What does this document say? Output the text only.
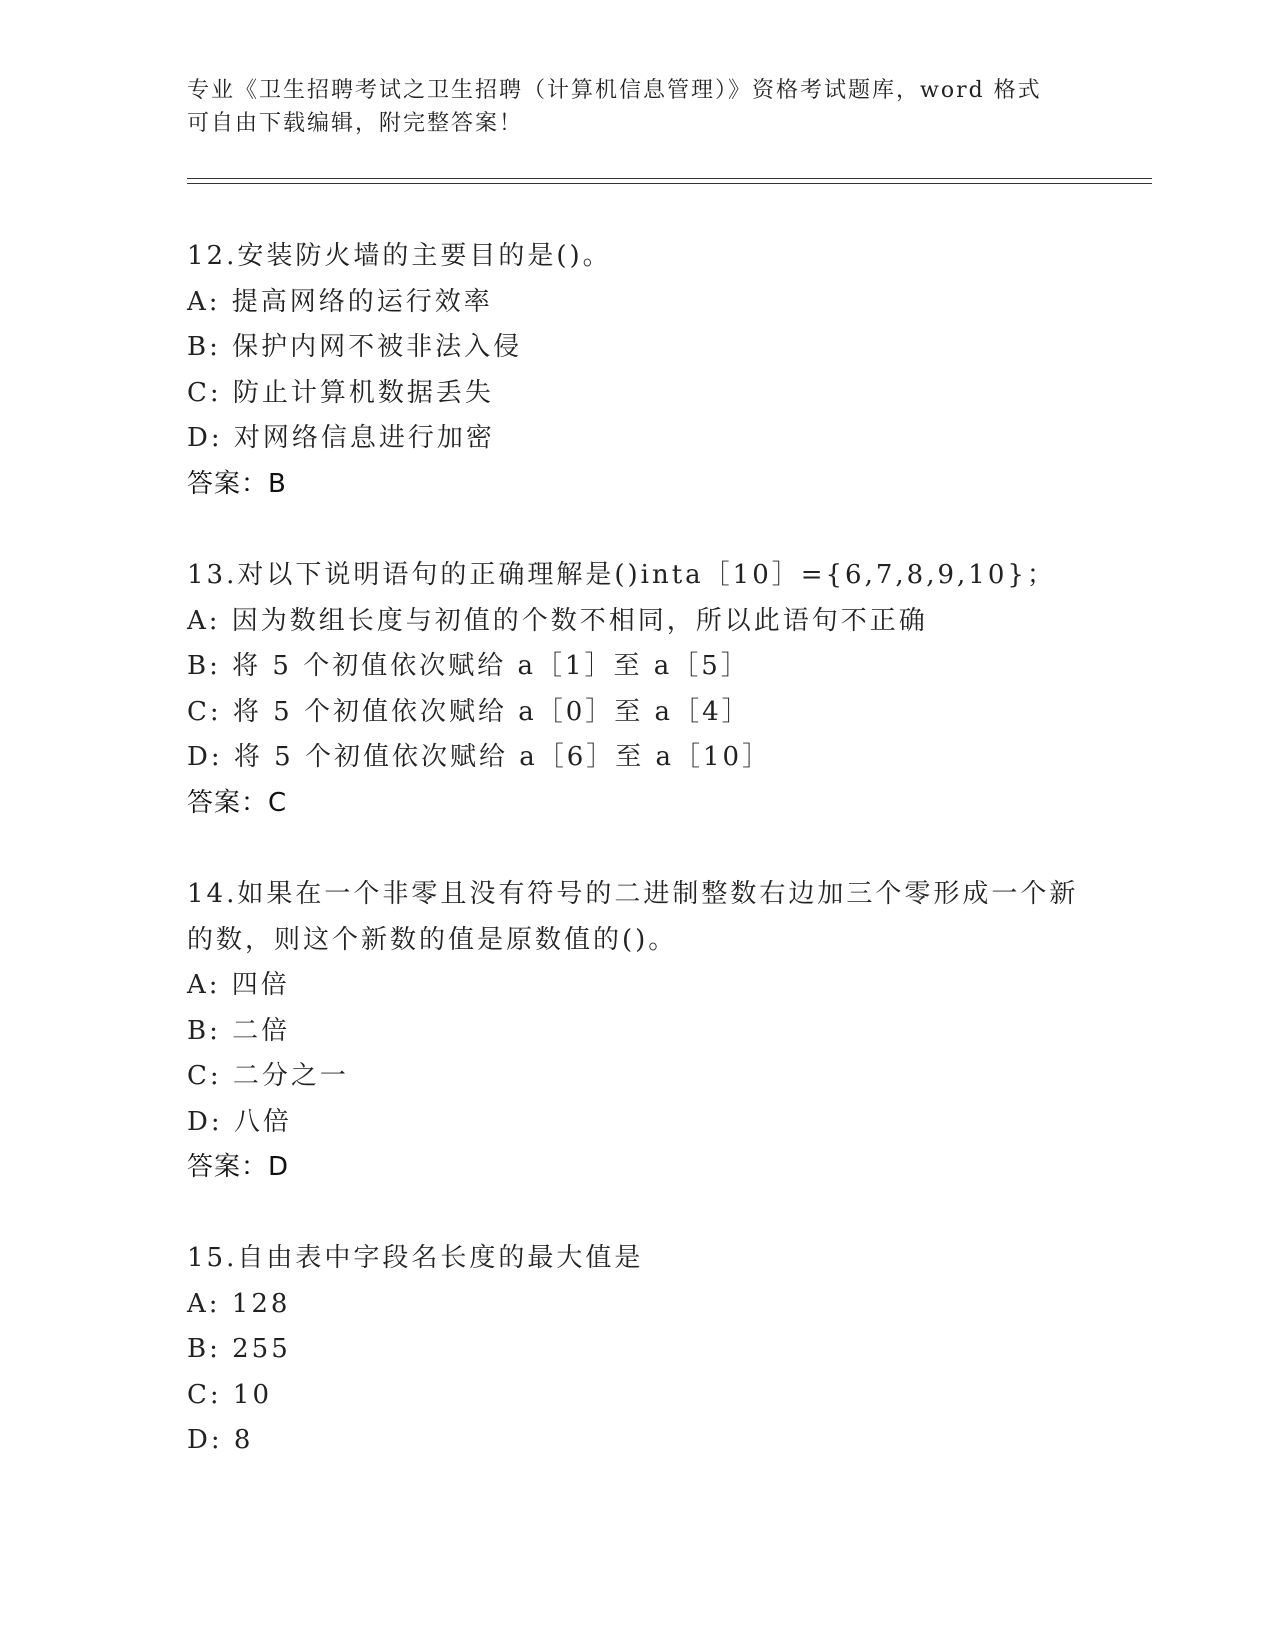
专业《卫生招聘考试之卫生招聘（计算机信息管理）》资格考试题库，word 格式
可自由下载编辑，附完整答案！
12.安装防火墙的主要目的是()。
A: 提高网络的运行效率
B: 保护内网不被非法入侵
C: 防止计算机数据丢失
D: 对网络信息进行加密
答案：B
13.对以下说明语句的正确理解是()inta［10］={6,7,8,9,10}；
A: 因为数组长度与初值的个数不相同，所以此语句不正确
B: 将 5 个初值依次赋给 a［1］至 a［5］
C: 将 5 个初值依次赋给 a［0］至 a［4］
D: 将 5 个初值依次赋给 a［6］至 a［10］
答案：C
14.如果在一个非零且没有符号的二进制整数右边加三个零形成一个新
的数，则这个新数的值是原数值的()。
A: 四倍
B: 二倍
C: 二分之一
D: 八倍
答案：D
15.自由表中字段名长度的最大值是
A: 128
B: 255
C: 10
D: 8
